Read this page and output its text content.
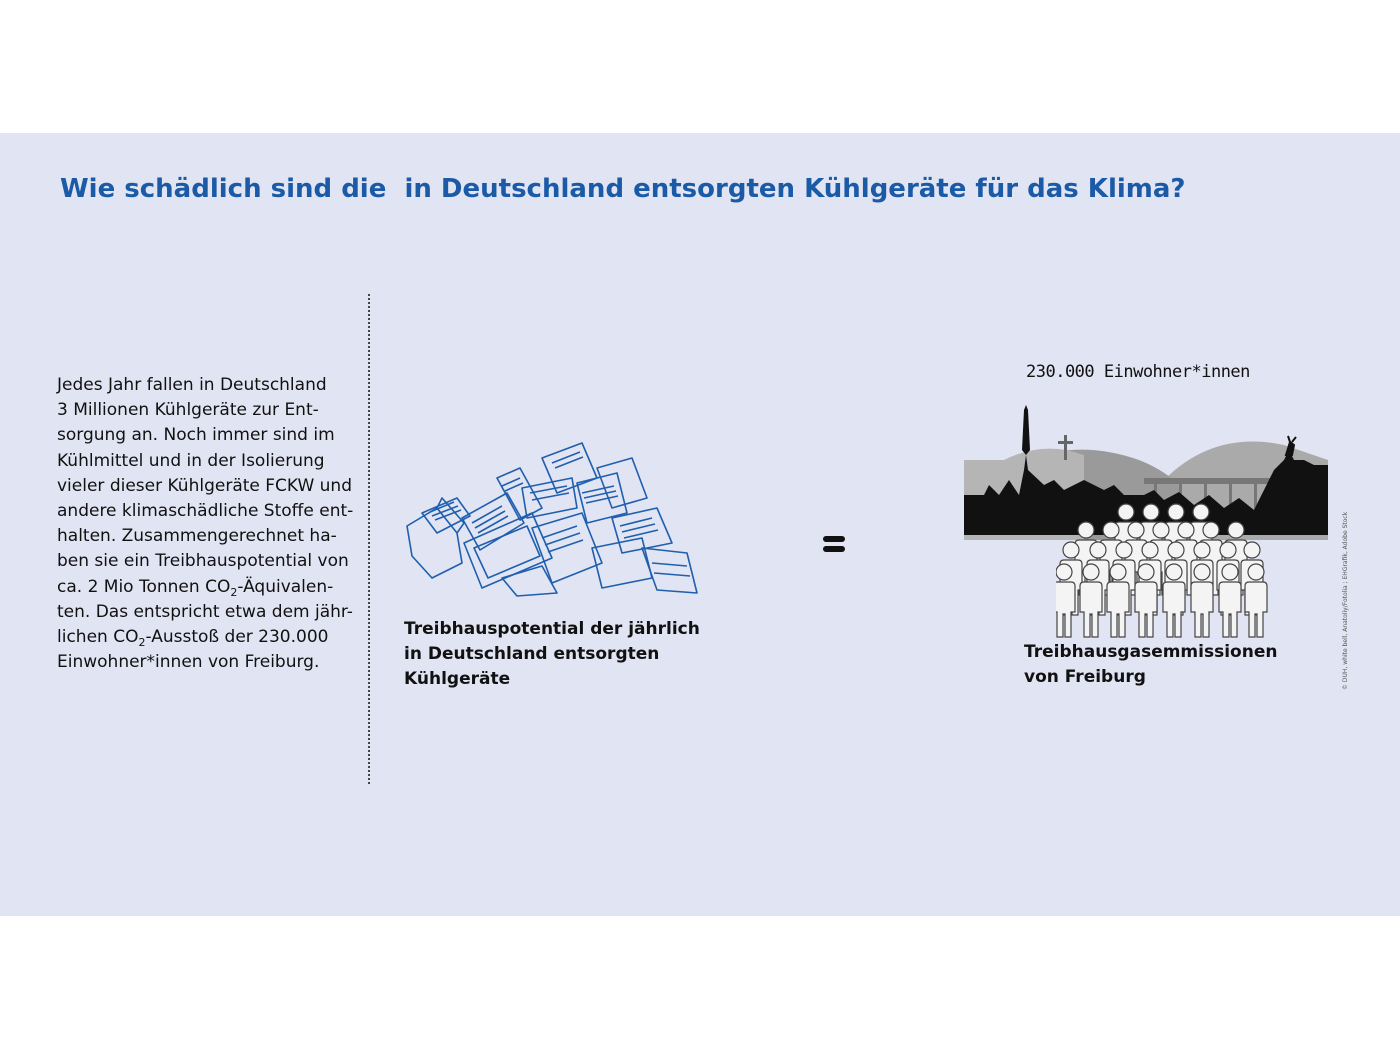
Wie schädlich sind die  in Deutschland entsorgten Kühlgeräte für das Klima?
Jedes Jahr fallen in Deutschland
3 Millionen Kühlgeräte zur Ent-
sorgung an. Noch immer sind im
Kühlmittel und in der Isolierung
vieler dieser Kühlgeräte FCKW und
andere klimaschädliche Stoffe ent-
halten. Zusammengerechnet ha-
ben sie ein Treibhauspotential von
ca. 2 Mio Tonnen $CO_2-Äquivalen-$
ten. Das entspricht etwa dem jähr-
lichen $CO_2$-Ausstoß der 230.000
Einwohner*innen von Freiburg.
Treibhauspotential der jährlich
in Deutschland entsorgten
Kühlgeräte
230.000 Einwohner*innen
Treibhausgasemmissionen
von Freiburg	© DUH, white bell, Anatoliy/Fotolia ; EHGrafik, Adobe Stock
